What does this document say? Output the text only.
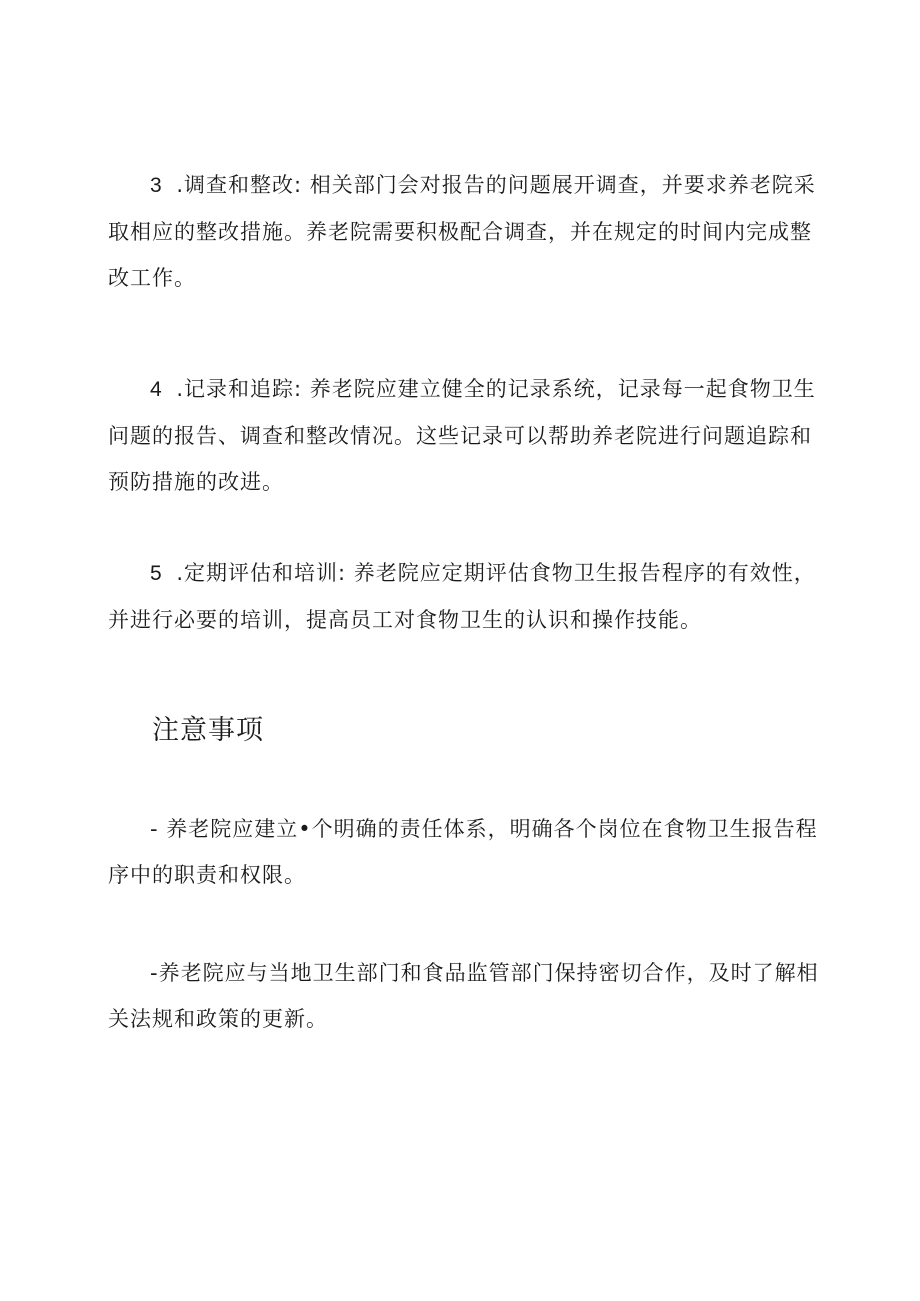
3 .调查和整改: 相关部门会对报告的问题展开调查，并要求养老院采取相应的整改措施。养老院需要积极配合调查，并在规定的时间内完成整改工作。

4 .记录和追踪: 养老院应建立健全的记录系统，记录每一起食物卫生问题的报告、调查和整改情况。这些记录可以帮助养老院进行问题追踪和预防措施的改进。

5 .定期评估和培训: 养老院应定期评估食物卫生报告程序的有效性，并进行必要的培训，提高员工对食物卫生的认识和操作技能。

注意事项

- 养老院应建立•个明确的责任体系，明确各个岗位在食物卫生报告程序中的职责和权限。

-养老院应与当地卫生部门和食品监管部门保持密切合作，及时了解相关法规和政策的更新。
